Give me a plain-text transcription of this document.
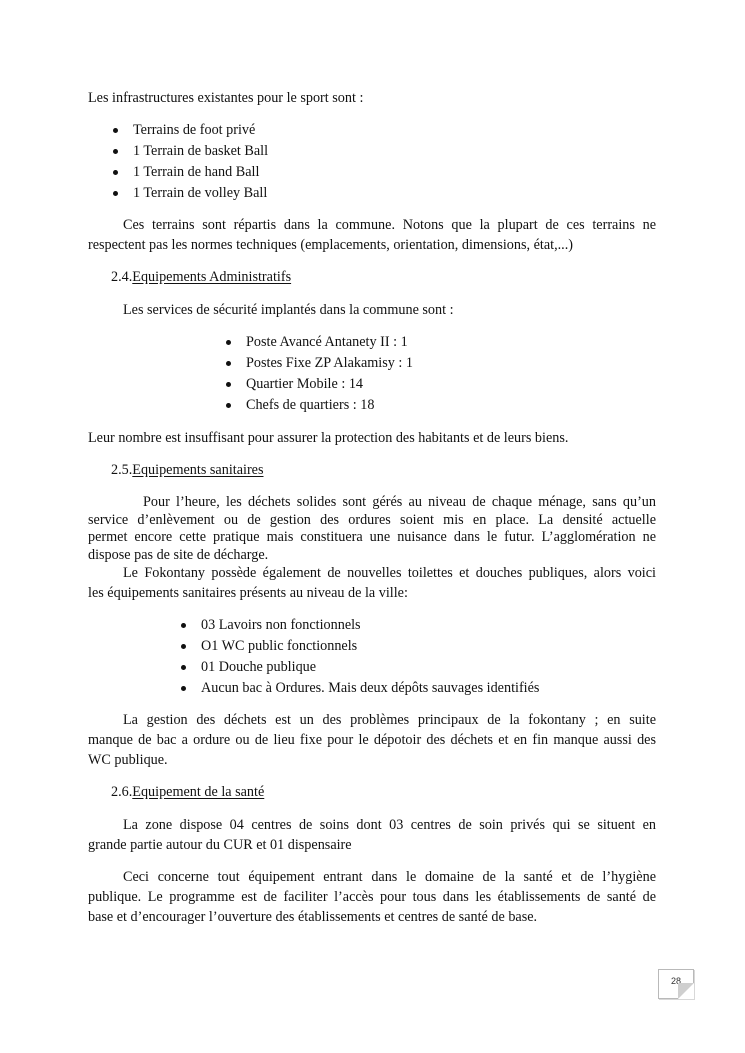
Les infrastructures existantes pour le sport sont :
Terrains de foot privé
1 Terrain de basket Ball
1 Terrain de hand Ball
1 Terrain de volley Ball
Ces terrains sont répartis dans la commune. Notons que la plupart de ces terrains ne
respectent pas les normes techniques (emplacements, orientation, dimensions, état,...)
2.4.Equipements Administratifs
Les services de sécurité implantés dans la commune sont :
Poste Avancé Antanety II : 1
Postes Fixe ZP Alakamisy : 1
Quartier Mobile : 14
Chefs de quartiers : 18
Leur nombre est insuffisant pour assurer la protection des habitants et de leurs biens.
2.5.Equipements sanitaires
Pour l’heure, les déchets solides sont gérés au niveau de chaque ménage, sans qu’un
service d’enlèvement ou de gestion des ordures soient mis en place. La densité actuelle
permet encore cette pratique mais constituera une nuisance dans le futur. L’agglomération ne
dispose pas de site de décharge.
Le Fokontany possède également de nouvelles toilettes et douches publiques, alors voici
les équipements sanitaires présents au niveau de la ville:
03 Lavoirs non fonctionnels
O1 WC public fonctionnels
01 Douche publique
Aucun bac à Ordures. Mais deux dépôts sauvages identifiés
La gestion des déchets est un des problèmes principaux de la fokontany ; en suite
manque de bac a ordure ou de lieu fixe pour le dépotoir des déchets et en fin manque aussi des
WC publique.
2.6.Equipement de la santé
La zone dispose 04 centres de soins dont 03 centres de soin privés qui se situent en
grande partie autour du CUR et 01 dispensaire
Ceci concerne tout équipement entrant dans le domaine de la santé et de l’hygiène
publique. Le programme est de faciliter l’accès pour tous dans les établissements de santé de
base et d’encourager l’ouverture des établissements et centres de santé de base.
28
